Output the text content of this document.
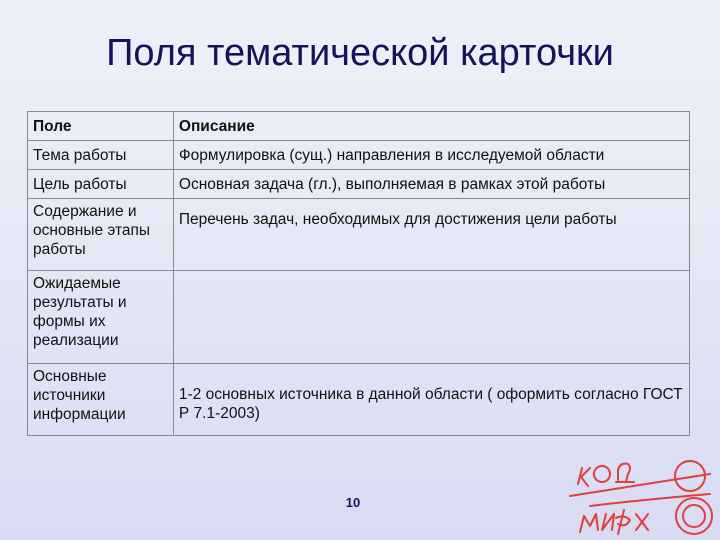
Поля тематической карточки
Поле	Описание
Тема работы	Формулировка (сущ.) направления в исследуемой области
Цель работы	Основная задача (гл.), выполняемая в рамках этой работы
Содержание и основные этапы работы	Перечень задач, необходимых для достижения цели работы
Ожидаемые результаты и формы их реализации	
Основные источники информации	1-2 основных источника в данной области ( оформить согласно ГОСТ Р 7.1-2003)
10
